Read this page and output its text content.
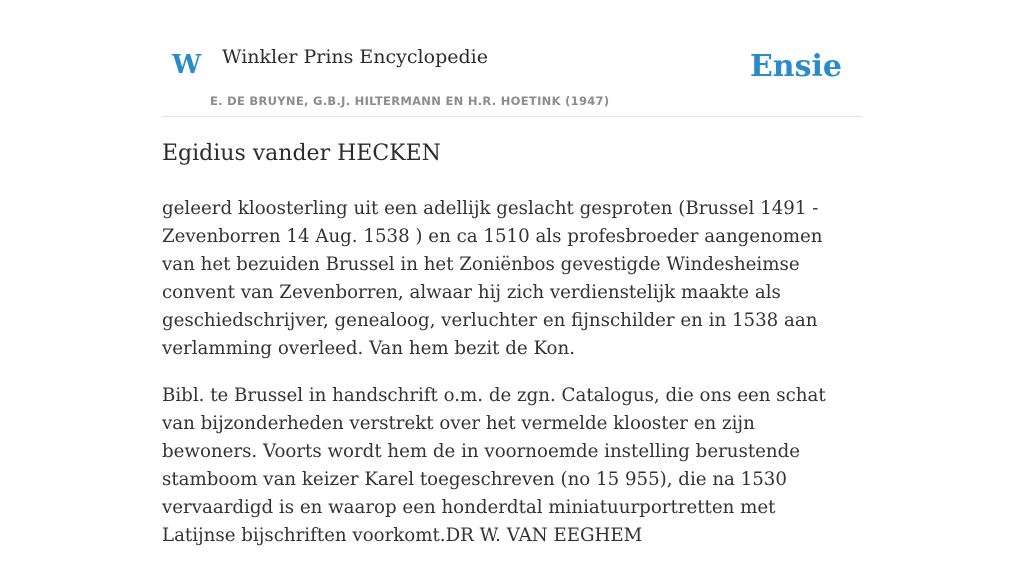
W Winkler Prins Encyclopedie
E. DE BRUYNE, G.B.J. HILTERMANN EN H.R. HOETINK (1947)
Ensie
Egidius vander HECKEN

geleerd kloosterling uit een adellijk geslacht gesproten (Brussel 1491 - Zevenborren 14 Aug. 1538 ) en ca 1510 als profesbroeder aangenomen van het bezuiden Brussel in het Zoniënbos gevestigde Windesheimse convent van Zevenborren, alwaar hij zich verdienstelijk maakte als geschiedschrijver, genealoog, verluchter en fijnschilder en in 1538 aan verlamming overleed. Van hem bezit de Kon.

Bibl. te Brussel in handschrift o.m. de zgn. Catalogus, die ons een schat van bijzonderheden verstrekt over het vermelde klooster en zijn bewoners. Voorts wordt hem de in voornoemde instelling berustende stamboom van keizer Karel toegeschreven (no 15 955), die na 1530 vervaardigd is en waarop een honderdtal miniatuurportretten met Latijnse bijschriften voorkomt.DR W. VAN EEGHEM
